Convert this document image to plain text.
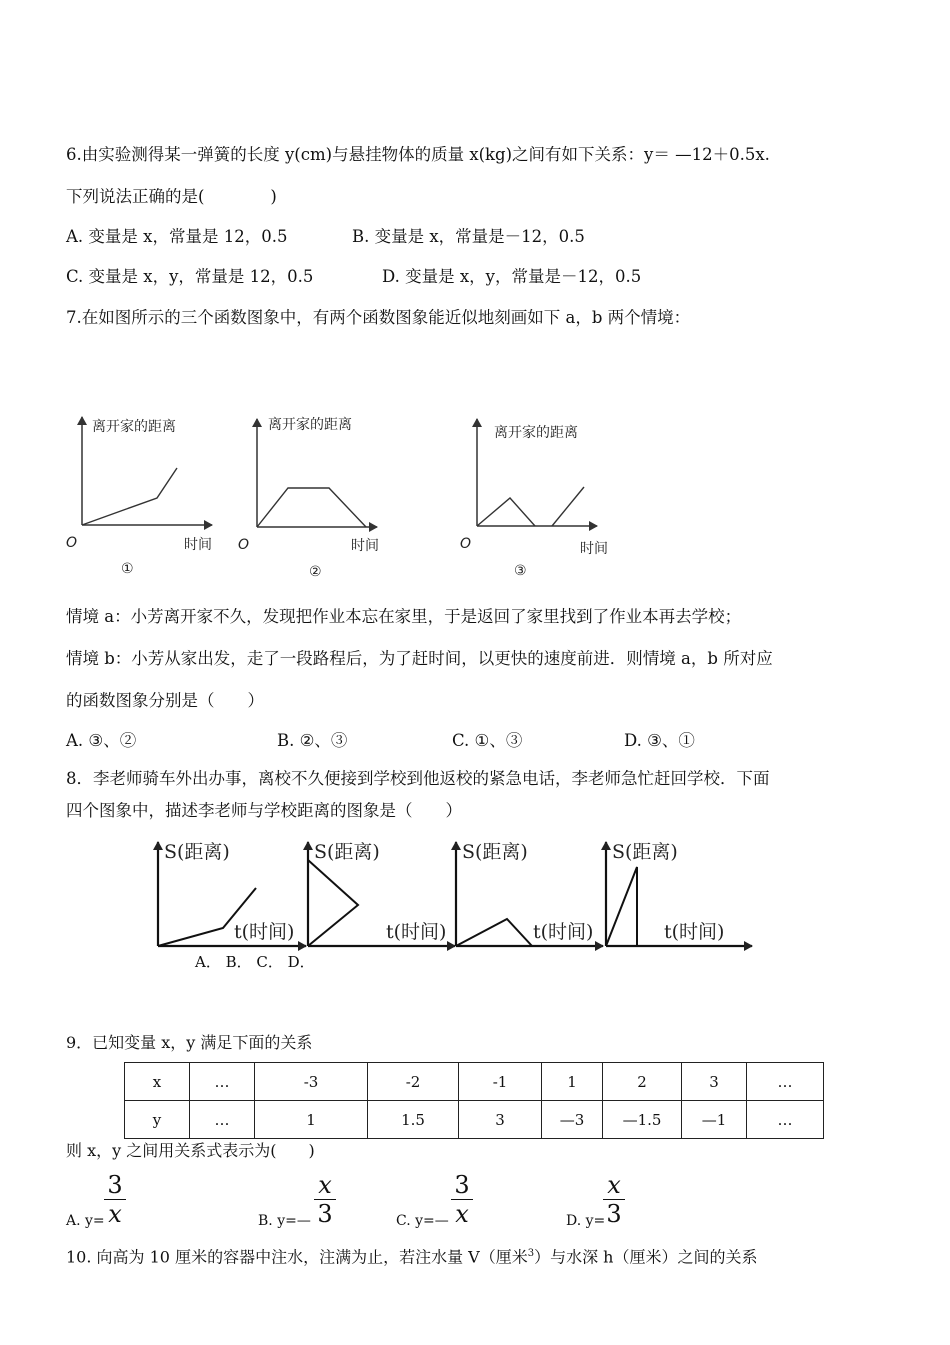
6.由实验测得某一弹簧的长度 y(cm)与悬挂物体的质量 x(kg)之间有如下关系：y＝ —12＋0.5x.
下列说法正确的是(　　　　)
A. 变量是 x，常量是 12，0.5	B. 变量是 x，常量是－12，0.5
C. 变量是 x，y，常量是 12，0.5	D. 变量是 x，y，常量是－12，0.5
7.在如图所示的三个函数图象中，有两个函数图象能近似地刻画如下 a，b 两个情境：
离开家的距离
时间
O
①
离开家的距离
时间
O
②
离开家的距离
时间
O
③
情境 a：小芳离开家不久，发现把作业本忘在家里，于是返回了家里找到了作业本再去学校；
情境 b：小芳从家出发，走了一段路程后，为了赶时间，以更快的速度前进．则情境 a，b 所对应
的函数图象分别是（　　）
A. ③、②	B. ②、③	C. ①、③	D. ③、①
8．李老师骑车外出办事，离校不久便接到学校到他返校的紧急电话，李老师急忙赶回学校．下面
四个图象中，描述李老师与学校距离的图象是（　　）
S(距离)
t(时间)
S(距离)
t(时间)
S(距离)
t(时间)
S(距离)
t(时间)
A． B． C． D．
9．已知变量 x，y 满足下面的关系
x	…	-3	-2	-1	1	2	3	…
y	…	1	1.5	3	—3	—1.5	—1	…
则 x，y 之间用关系式表示为(　　)
A. y=
3
x	B. y=—
x
3	C. y=—
3
x	D. y=
x
3
10. 向高为 10 厘米的容器中注水，注满为止，若注水量 V（厘米$^3$）与水深 h（厘米）之间的关系
